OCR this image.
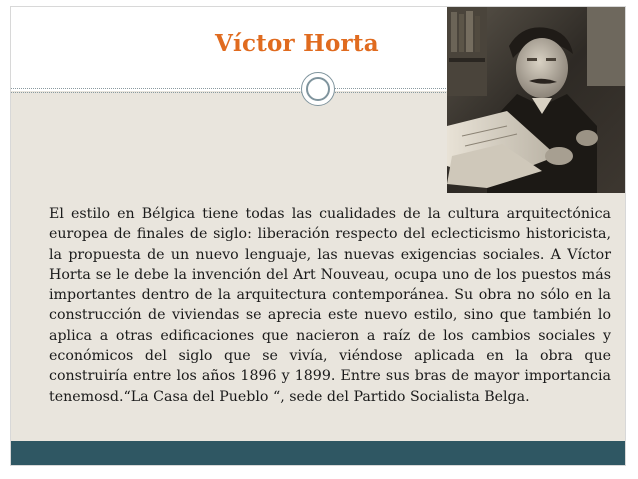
Víctor Horta

El estilo en Bélgica tiene todas las cualidades de la cultura arquitectónica europea de finales de siglo: liberación respecto del eclecticismo historicista, la propuesta de un nuevo lenguaje, las nuevas exigencias sociales. A Víctor Horta se le debe la invención del Art Nouveau, ocupa uno de los puestos más importantes dentro de la arquitectura contemporánea. Su obra no sólo en la construcción de viviendas se aprecia este nuevo estilo, sino que también lo aplica a otras edificaciones que nacieron a raíz de los cambios sociales y económicos del siglo que se vivía, viéndose aplicada en la obra que construiría entre los años 1896 y 1899. Entre sus bras de mayor importancia tenemosd.“La Casa del Pueblo “, sede del Partido Socialista Belga.
